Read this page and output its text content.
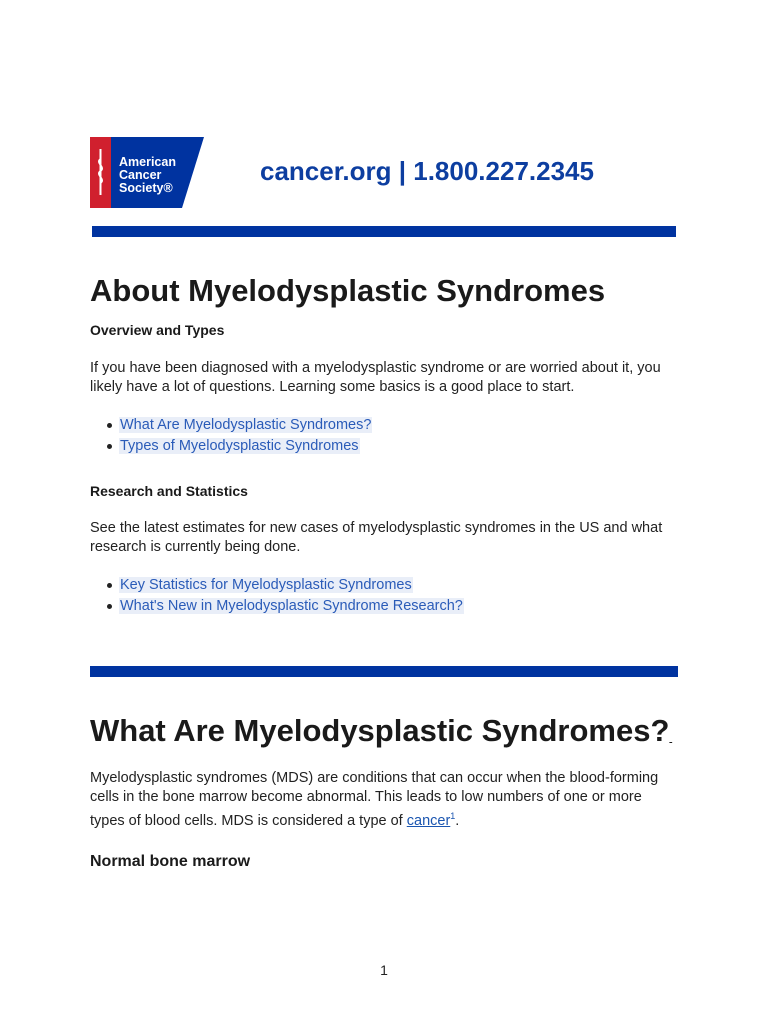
American
Cancer
Society®
cancer.org | 1.800.227.2345
About Myelodysplastic Syndromes
Overview and Types

If you have been diagnosed with a myelodysplastic syndrome or are worried about it, you likely have a lot of questions. Learning some basics is a good place to start.

What Are Myelodysplastic Syndromes?
Types of Myelodysplastic Syndromes
Research and Statistics

See the latest estimates for new cases of myelodysplastic syndromes in the US and what research is currently being done.

Key Statistics for Myelodysplastic Syndromes
What's New in Myelodysplastic Syndrome Research?
What Are Myelodysplastic Syndromes?

Myelodysplastic syndromes (MDS) are conditions that can occur when the blood-forming cells in the bone marrow become abnormal. This leads to low numbers of one or more types of blood cells. MDS is considered a type of cancer$^1$.

Normal bone marrow
1
